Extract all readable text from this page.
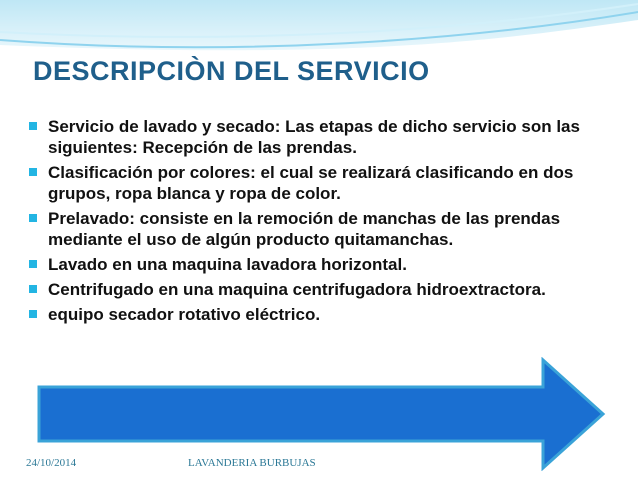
DESCRIPCIÒN DEL SERVICIO
Servicio de lavado y secado: Las etapas de dicho servicio son las siguientes: Recepción de las prendas.
Clasificación por colores: el cual se realizará clasificando en dos grupos, ropa blanca y ropa de color.
Prelavado: consiste en la remoción de manchas de las prendas mediante el uso de algún producto quitamanchas.
Lavado en una maquina lavadora horizontal.
Centrifugado en una maquina centrifugadora hidroextractora.
equipo secador rotativo eléctrico.
24/10/2014	LAVANDERIA BURBUJAS
